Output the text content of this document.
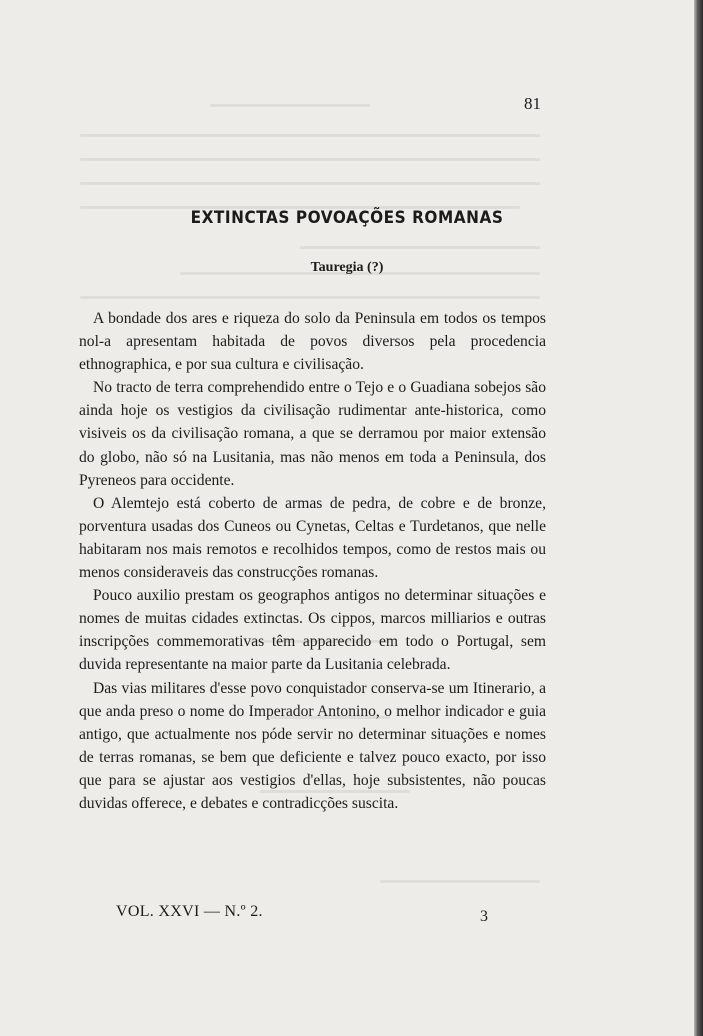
81
EXTINCTAS POVOAÇÕES ROMANAS
Tauregia (?)

A bondade dos ares e riqueza do solo da Peninsula em todos os tempos nol-a apresentam habitada de povos diversos pela procedencia ethnographica, e por sua cultura e civilisação.

No tracto de terra comprehendido entre o Tejo e o Guadiana sobejos são ainda hoje os vestigios da civilisação rudimentar ante-historica, como visiveis os da civilisação romana, a que se derramou por maior extensão do globo, não só na Lusitania, mas não menos em toda a Peninsula, dos Pyreneos para occidente.

O Alemtejo está coberto de armas de pedra, de cobre e de bronze, porventura usadas dos Cuneos ou Cynetas, Celtas e Turdetanos, que nelle habitaram nos mais remotos e recolhidos tempos, como de restos mais ou menos consideraveis das construcções romanas.

Pouco auxilio prestam os geographos antigos no determinar situações e nomes de muitas cidades extinctas. Os cippos, marcos milliarios e outras inscripções commemorativas têm apparecido em todo o Portugal, sem duvida representante na maior parte da Lusitania celebrada.

Das vias militares d'esse povo conquistador conserva-se um Itinerario, a que anda preso o nome do Imperador Antonino, o melhor indicador e guia antigo, que actualmente nos póde servir no determinar situações e nomes de terras romanas, se bem que deficiente e talvez pouco exacto, por isso que para se ajustar aos vestigios d'ellas, hoje subsistentes, não poucas duvidas offerece, e debates e contradicções suscita.

VOL. XXVI — N.º 2.	3
